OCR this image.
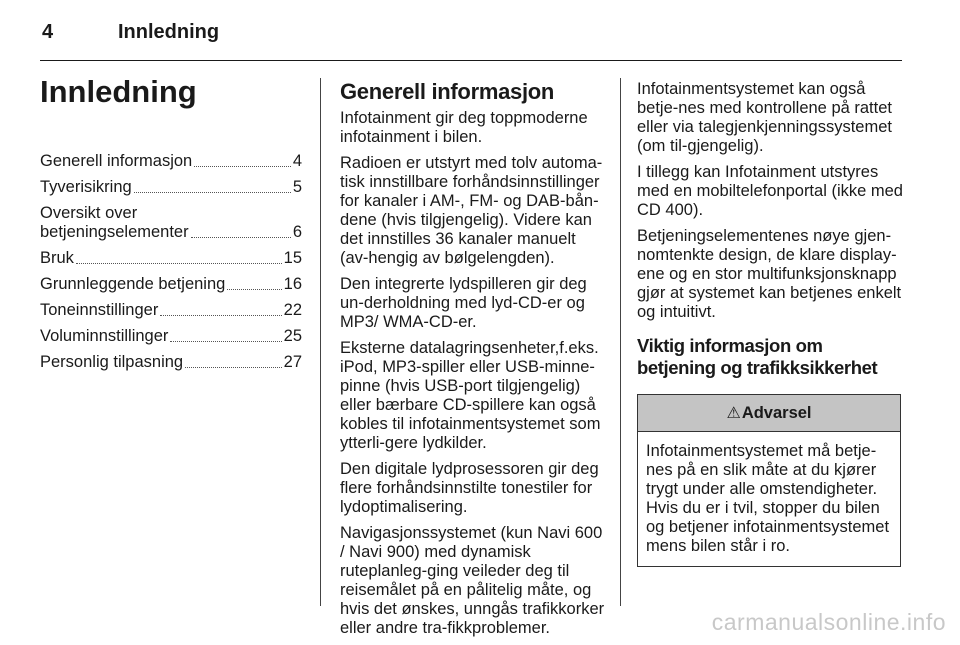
4	Innledning
Innledning
Generell informasjon	4
Tyverisikring	5
Oversikt over
betjeningselementer	6
Bruk	15
Grunnleggende betjening	16
Toneinnstillinger	22
Voluminnstillinger	25
Personlig tilpasning	27
Generell informasjon

Infotainment gir deg toppmoderne infotainment i bilen.

Radioen er utstyrt med tolv automa-tisk innstillbare forhåndsinnstillinger for kanaler i AM-, FM- og DAB-bån-dene (hvis tilgjengelig). Videre kan det innstilles 36 kanaler manuelt (av-hengig av bølgelengden).

Den integrerte lydspilleren gir deg un-derholdning med lyd-CD-er og MP3/ WMA-CD-er.

Eksterne datalagringsenheter,f.eks. iPod, MP3-spiller eller USB-minne-pinne (hvis USB-port tilgjengelig) eller bærbare CD-spillere kan også kobles til infotainmentsystemet som ytterli-gere lydkilder.

Den digitale lydprosessoren gir deg flere forhåndsinnstilte tonestiler for lydoptimalisering.

Navigasjonssystemet (kun Navi 600 / Navi 900) med dynamisk ruteplanleg-ging veileder deg til reisemålet på en pålitelig måte, og hvis det ønskes, unngås trafikkorker eller andre tra-fikkproblemer.

Infotainmentsystemet kan også betje-nes med kontrollene på rattet eller via talegjenkjenningssystemet (om til-gjengelig).

I tillegg kan Infotainment utstyres med en mobiltelefonportal (ikke med CD 400).

Betjeningselementenes nøye gjen-nomtenkte design, de klare display-ene og en stor multifunksjonsknapp gjør at systemet kan betjenes enkelt og intuitivt.

Viktig informasjon om betjening og trafikksikkerhet
⚠ Advarsel
Infotainmentsystemet må betje-nes på en slik måte at du kjører trygt under alle omstendigheter. Hvis du er i tvil, stopper du bilen og betjener infotainmentsystemet mens bilen står i ro.
carmanualsonline.info
